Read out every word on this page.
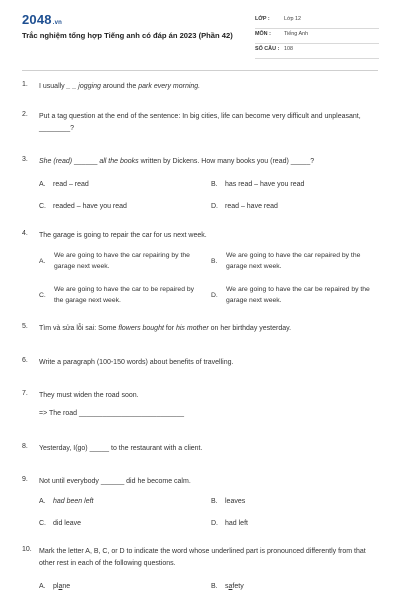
2048.vn
Trắc nghiệm tổng hợp Tiếng anh có đáp án 2023 (Phần 42)
LỚP :	Lớp 12
MÔN : Tiếng Anh
SỐ CÂU : 108
1. I usually _ _ jogging around the park every morning.
2. Put a tag question at the end of the sentence: In big cities, life can become very difficult and unpleasant, ________?
3. She (read) ______ all the books written by Dickens. How many books you (read) _____?
A. read – read	B. has read – have you read
C. readed – have you read	D. read – have read
4. The garage is going to repair the car for us next week.
A.
We are going to have the car repairing by the garage next week.
B.
We are going to have the car repaired by the garage next week.
C.
We are going to have the car to be repaired by the garage next week.
D.
We are going to have the car be repaired by the garage next week.
5. Tìm và sửa lỗi sai: Some flowers bought for his mother on her birthday yesterday.
6. Write a paragraph (100-150 words) about benefits of travelling.
7. They must widen the road soon.
=> The road ___________________________
8. Yesterday, I(go) _____ to the restaurant with a client.
9. Not until everybody ______ did he become calm.
A. had been left	B. leaves
C. did leave	D. had left
10. Mark the letter A, B, C, or D to indicate the word whose underlined part is pronounced differently from that other rest in each of the following questions.
A. plane	B. safety
